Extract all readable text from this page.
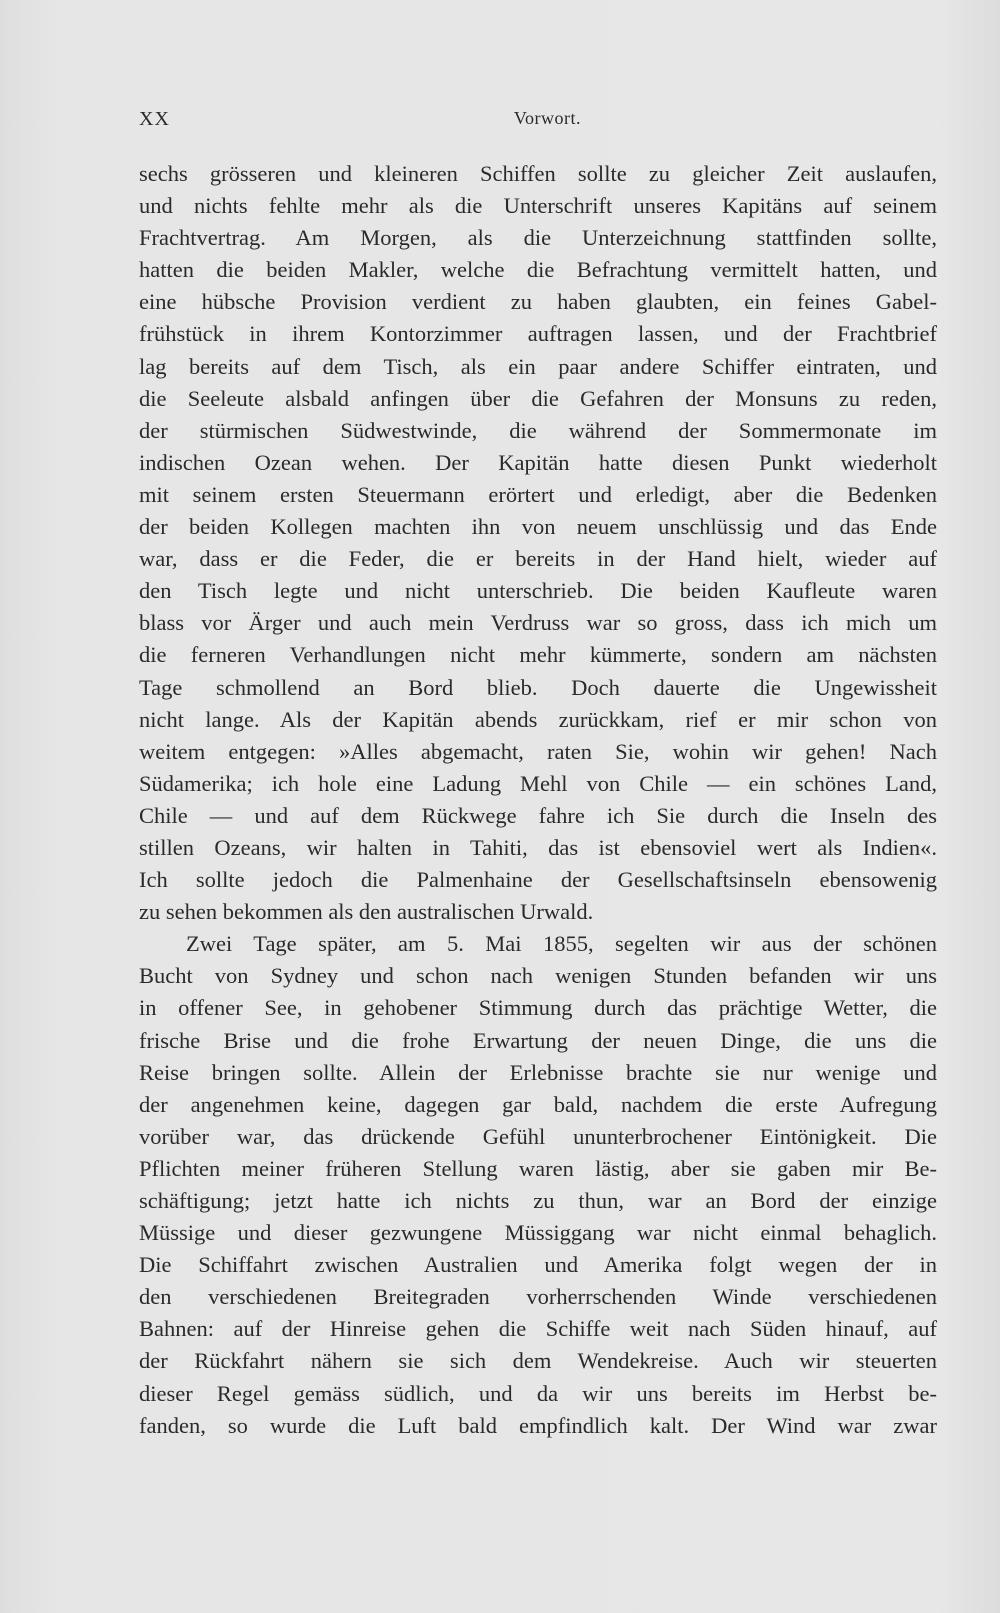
XX	Vorwort.
sechs grösseren und kleineren Schiffen sollte zu gleicher Zeit auslaufen,
und nichts fehlte mehr als die Unterschrift unseres Kapitäns auf seinem
Frachtvertrag. Am Morgen, als die Unterzeichnung stattfinden sollte,
hatten die beiden Makler, welche die Befrachtung vermittelt hatten, und
eine hübsche Provision verdient zu haben glaubten, ein feines Gabel-
frühstück in ihrem Kontorzimmer auftragen lassen, und der Frachtbrief
lag bereits auf dem Tisch, als ein paar andere Schiffer eintraten, und
die Seeleute alsbald anfingen über die Gefahren der Monsuns zu reden,
der stürmischen Südwestwinde, die während der Sommermonate im
indischen Ozean wehen. Der Kapitän hatte diesen Punkt wiederholt
mit seinem ersten Steuermann erörtert und erledigt, aber die Bedenken
der beiden Kollegen machten ihn von neuem unschlüssig und das Ende
war, dass er die Feder, die er bereits in der Hand hielt, wieder auf
den Tisch legte und nicht unterschrieb. Die beiden Kaufleute waren
blass vor Ärger und auch mein Verdruss war so gross, dass ich mich um
die ferneren Verhandlungen nicht mehr kümmerte, sondern am nächsten
Tage schmollend an Bord blieb. Doch dauerte die Ungewissheit
nicht lange. Als der Kapitän abends zurückkam, rief er mir schon von
weitem entgegen: »Alles abgemacht, raten Sie, wohin wir gehen! Nach
Südamerika; ich hole eine Ladung Mehl von Chile — ein schönes Land,
Chile — und auf dem Rückwege fahre ich Sie durch die Inseln des
stillen Ozeans, wir halten in Tahiti, das ist ebensoviel wert als Indien«.
Ich sollte jedoch die Palmenhaine der Gesellschaftsinseln ebensowenig
zu sehen bekommen als den australischen Urwald.
Zwei Tage später, am 5. Mai 1855, segelten wir aus der schönen
Bucht von Sydney und schon nach wenigen Stunden befanden wir uns
in offener See, in gehobener Stimmung durch das prächtige Wetter, die
frische Brise und die frohe Erwartung der neuen Dinge, die uns die
Reise bringen sollte. Allein der Erlebnisse brachte sie nur wenige und
der angenehmen keine, dagegen gar bald, nachdem die erste Aufregung
vorüber war, das drückende Gefühl ununterbrochener Eintönigkeit. Die
Pflichten meiner früheren Stellung waren lästig, aber sie gaben mir Be-
schäftigung; jetzt hatte ich nichts zu thun, war an Bord der einzige
Müssige und dieser gezwungene Müssiggang war nicht einmal behaglich.
Die Schiffahrt zwischen Australien und Amerika folgt wegen der in
den verschiedenen Breitegraden vorherrschenden Winde verschiedenen
Bahnen: auf der Hinreise gehen die Schiffe weit nach Süden hinauf, auf
der Rückfahrt nähern sie sich dem Wendekreise. Auch wir steuerten
dieser Regel gemäss südlich, und da wir uns bereits im Herbst be-
fanden, so wurde die Luft bald empfindlich kalt. Der Wind war zwar
